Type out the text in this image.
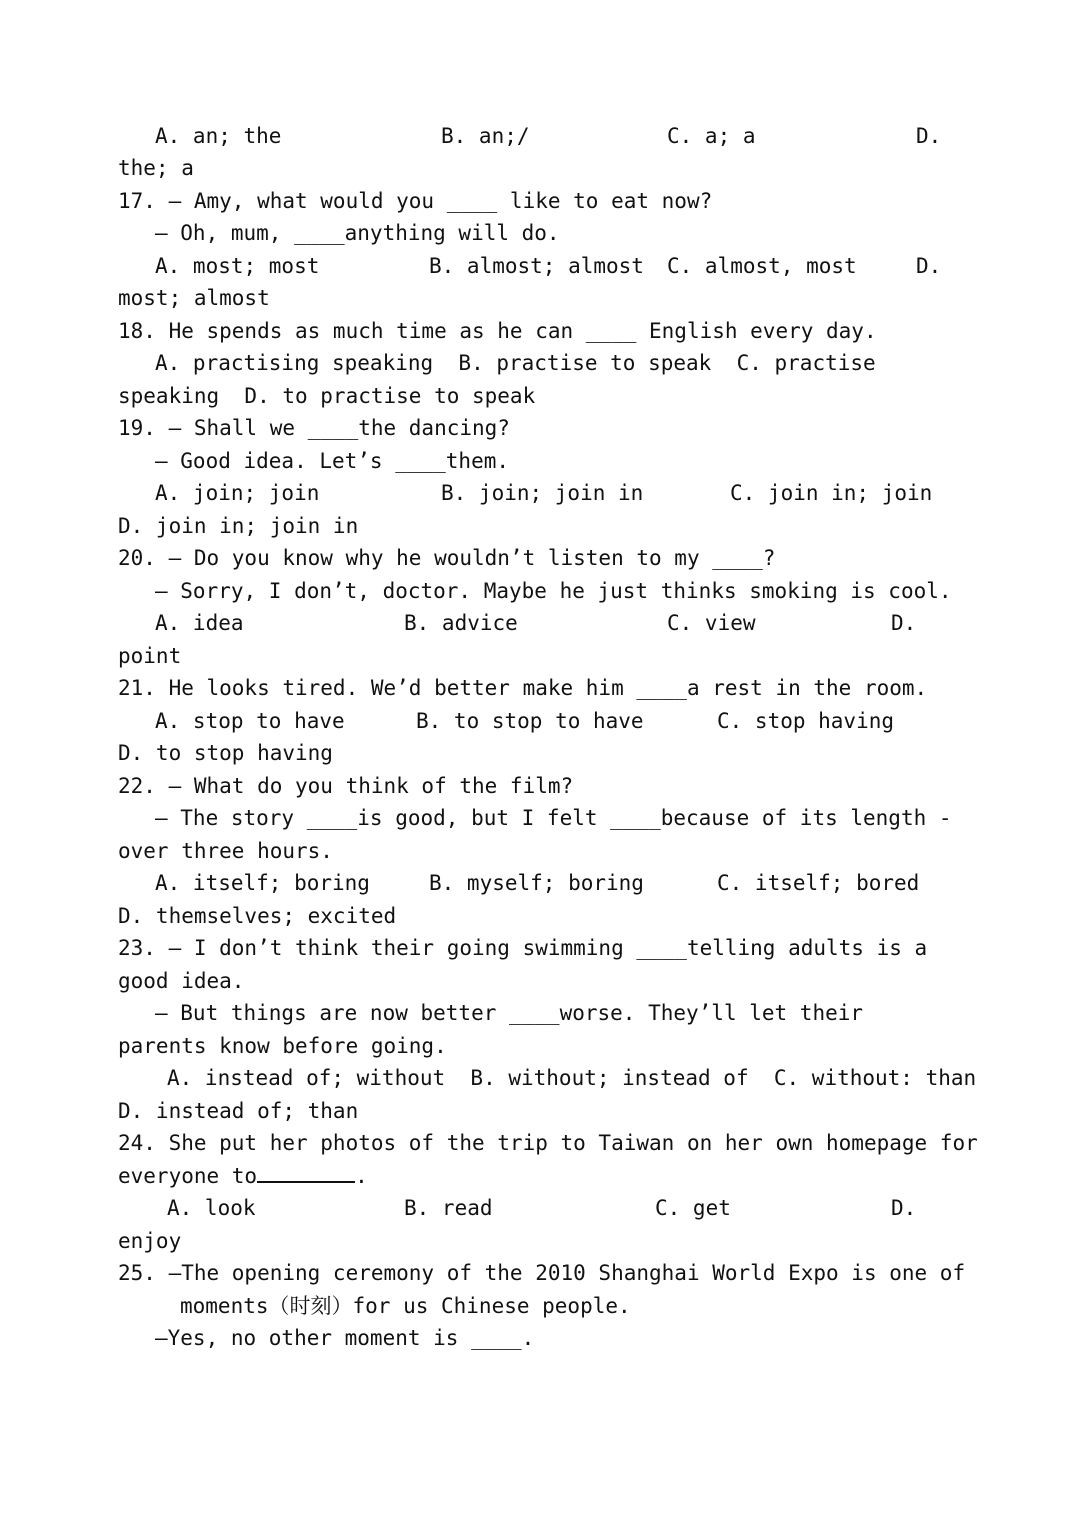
A. an; the

	B. an;/

	C. a; a

	D.

the; a
17. — Amy, what would you ____ like to eat now?
— Oh, mum, ____anything will do.

A. most; most

	B. almost; almost

C. almost, most

	D.

most; almost
18. He spends as much time as he can ____ English every day.
A. practising speaking  B. practise to speak  C. practise
speaking  D. to practise to speak
19. — Shall we ____the dancing?
— Good idea. Let’s ____them.

A. join; join

	B. join; join in

	C. join in; join

D. join in; join in
20. — Do you know why he wouldn’t listen to my ____?
— Sorry, I don’t, doctor. Maybe he just thinks smoking is cool.

A. idea

	B. advice

	C. view

	D.

point
21. He looks tired. We’d better make him ____a rest in the room.

A. stop to have

	B. to stop to have

	C. stop having

D. to stop having
22. — What do you think of the film?
— The story ____is good, but I felt ____because of its length -
over three hours.

A. itself; boring

	B. myself; boring

	C. itself; bored

D. themselves; excited
23. — I don’t think their going swimming ____telling adults is a
good idea.
— But things are now better ____worse. They’ll let their
parents know before going.
A. instead of; without  B. without; instead of  C. without: than
D. instead of; than
24. She put her photos of the trip to Taiwan on her own homepage for
everyone to	.

A. look

	B. read

	C. get

	D.

enjoy
25. —The opening ceremony of the 2010 Shanghai World Expo is one of
moments（时刻）for us Chinese people.
—Yes, no other moment is ____.
